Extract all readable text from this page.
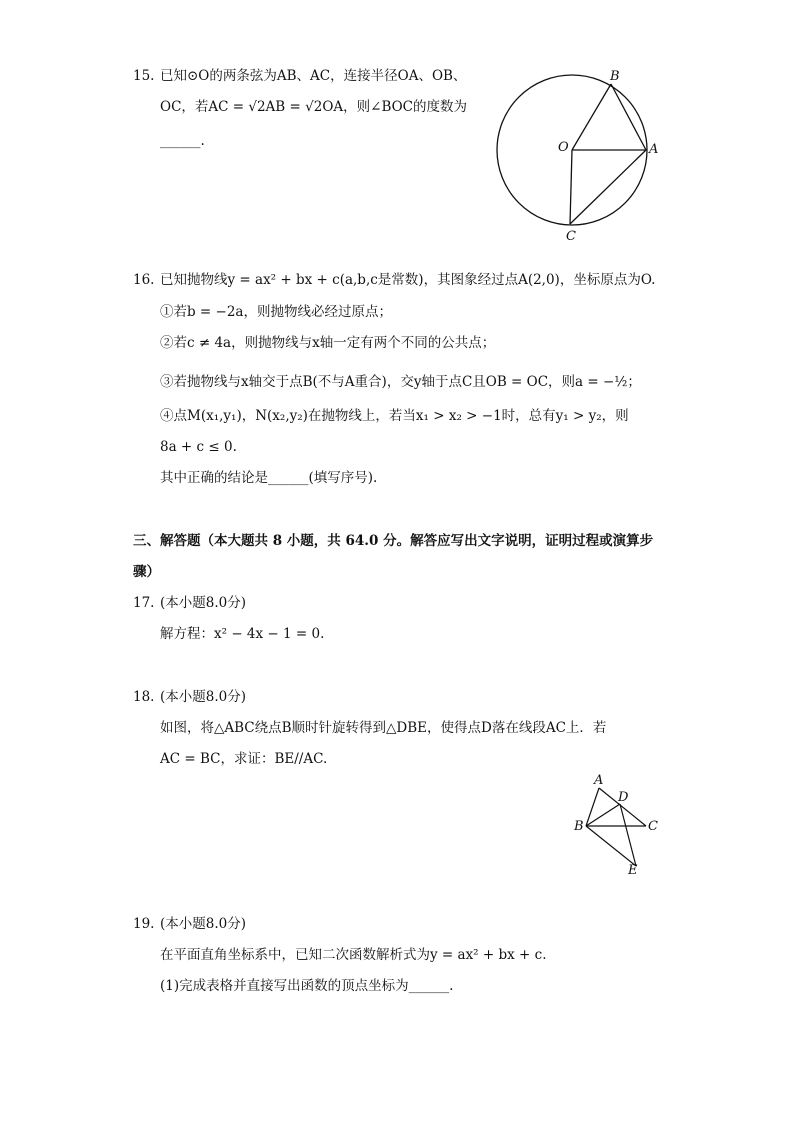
15. 已知⊙O的两条弦为AB、AC，连接半径OA、OB、
OC，若AC = √2AB = √2OA，则∠BOC的度数为
______.
B
O	A
C
16. 已知抛物线y = ax² + bx + c(a,b,c是常数)，其图象经过点A(2,0)，坐标原点为O.
①若b = −2a，则抛物线必经过原点；
②若c ≠ 4a，则抛物线与x轴一定有两个不同的公共点；
③若抛物线与x轴交于点B(不与A重合)，交y轴于点C且OB = OC，则a = −½；
④点M(x₁,y₁)，N(x₂,y₂)在抛物线上，若当x₁ > x₂ > −1时，总有y₁ > y₂，则
8a + c ≤ 0.
其中正确的结论是______(填写序号).
三、解答题（本大题共 8 小题，共 64.0 分。解答应写出文字说明，证明过程或演算步
骤）
17. (本小题8.0分)
解方程：x² − 4x − 1 = 0.
18. (本小题8.0分)
如图，将△ABC绕点B顺时针旋转得到△DBE，使得点D落在线段AC上．若
AC = BC，求证：BE//AC.
A
D
B	C
E
19. (本小题8.0分)
在平面直角坐标系中，已知二次函数解析式为y = ax² + bx + c.
(1)完成表格并直接写出函数的顶点坐标为______.
